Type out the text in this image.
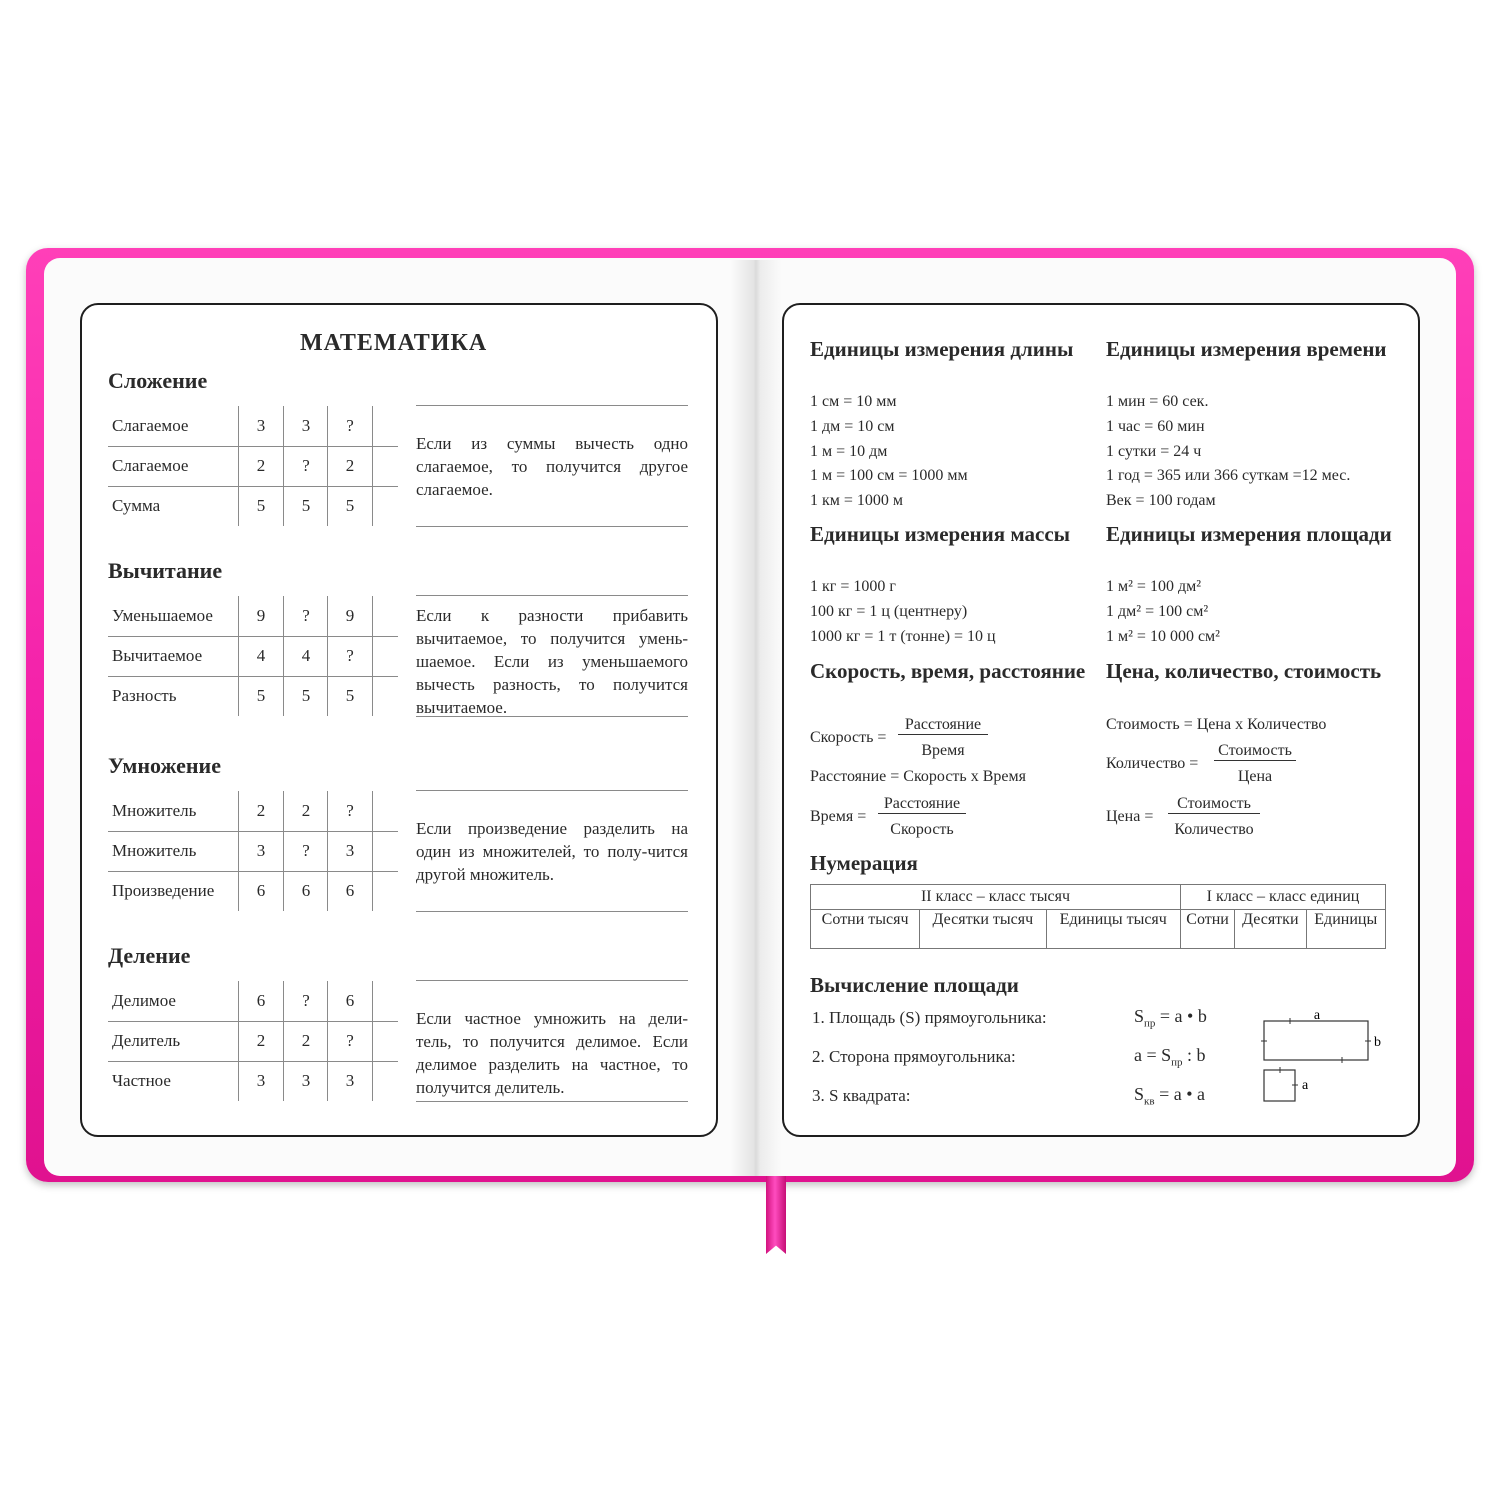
МАТЕМАТИКА
Сложение
Слагаемое	3 3 ?
Слагаемое	2 ? 2
Сумма	5 5 5
Если из суммы вычесть одно слагаемое, то получится другое слагаемое.
Вычитание
Уменьшаемое	9 ? 9
Вычитаемое	4 4 ?
Разность	5 5 5
Если к разности прибавить вычитаемое, то получится умень-шаемое. Если из уменьшаемого вычесть разность, то получится вычитаемое.
Умножение
Множитель	2 2 ?
Множитель	3 ? 3
Произведение 6 6 6
Если произведение разделить на один из множителей, то полу-чится другой множитель.
Деление
Делимое	6 ? 6
Делитель	2 2 ?
Частное	3 3 3
Если частное умножить на дели-тель, то получится делимое. Если делимое разделить на частное, то получится делитель.
Единицы измерения длины
1 см = 10 мм
1 дм = 10 см
1 м = 10 дм
1 м = 100 см = 1000 мм
1 км = 1000 м
Единицы измерения времени
1 мин = 60 сек.
1 час = 60 мин
1 сутки = 24 ч
1 год = 365 или 366 суткам =12 мес.
Век = 100 годам
Единицы измерения массы
1 кг = 1000 г
100 кг = 1 ц (центнеру)
1000 кг = 1 т (тонне) = 10 ц
Единицы измерения площади
1 м² = 100 дм²
1 дм² = 100 см²
1 м² = 10 000 см²
Скорость, время, расстояние
Скорость =
Расстояние
Время
Расстояние = Скорость х Время
Время =
Расстояние
Скорость
Цена, количество, стоимость
Стоимость = Цена х Количество
Количество =
Стоимость
Цена
Цена =
Стоимость
Количество
Нумерация
II класс – класс тысяч			I класс – класс единиц		
Сотни тысяч	Десятки тысяч	Единицы тысяч	Сотни	Десятки	Единицы
Вычисление площади
1. Площадь (S) прямоугольника:
2. Сторона прямоугольника:
3. S квадрата:
$S_{пр} = a$ • b
$a = S_{пр}$ : b
$S_{кв} = a$ • a
a
b
a
